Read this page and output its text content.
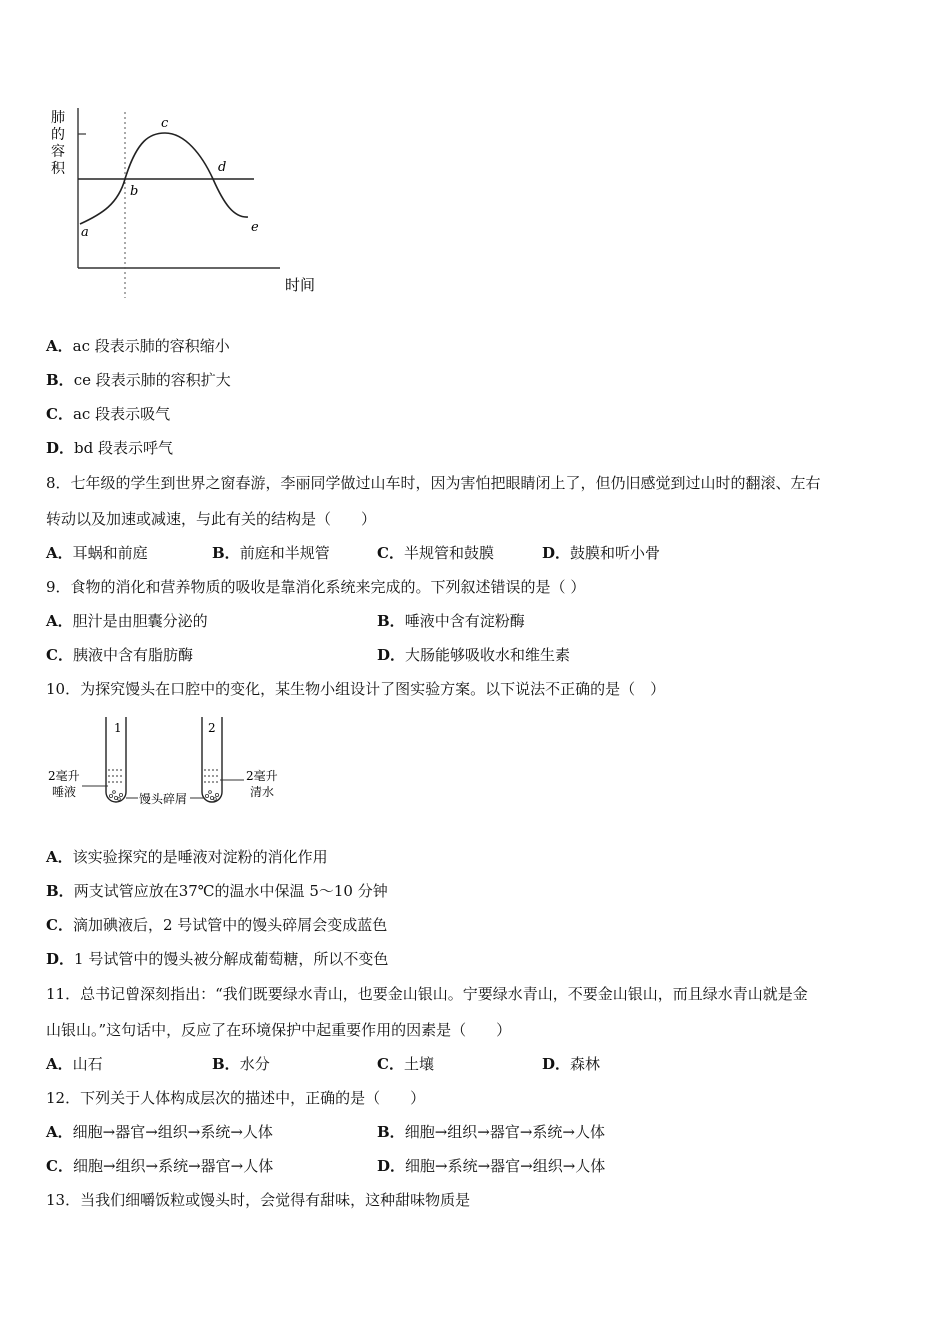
肺 的 容 积
a
b
c
d
e
时间
A．ac 段表示肺的容积缩小
B．ce 段表示肺的容积扩大
C．ac 段表示吸气
D．bd 段表示呼气
8．七年级的学生到世界之窗春游，李丽同学做过山车时，因为害怕把眼睛闭上了，但仍旧感觉到过山时的翻滚、左右
转动以及加速或减速，与此有关的结构是（　　）
A．耳蜗和前庭	B．前庭和半规管	C．半规管和鼓膜	D．鼓膜和听小骨
9．食物的消化和营养物质的吸收是靠消化系统来完成的。下列叙述错误的是（ ）
A．胆汁是由胆囊分泌的	B．唾液中含有淀粉酶
C．胰液中含有脂肪酶	D．大肠能够吸收水和维生素
10．为探究馒头在口腔中的变化，某生物小组设计了图实验方案。以下说法不正确的是（　）
1	2
2毫升
唾液	馒头碎屑
2毫升
清水
A．该实验探究的是唾液对淀粉的消化作用
B．两支试管应放在37℃的温水中保温 5～10 分钟
C．滴加碘液后，2 号试管中的馒头碎屑会变成蓝色
D．1 号试管中的馒头被分解成葡萄糖，所以不变色
11．总书记曾深刻指出：“我们既要绿水青山，也要金山银山。宁要绿水青山，不要金山银山，而且绿水青山就是金
山银山。”这句话中，反应了在环境保护中起重要作用的因素是（　　）
A．山石	B．水分	C．土壤	D．森林
12．下列关于人体构成层次的描述中，正确的是（　　）
A．细胞→器官→组织→系统→人体	B．细胞→组织→器官→系统→人体
C．细胞→组织→系统→器官→人体	D．细胞→系统→器官→组织→人体
13．当我们细嚼饭粒或馒头时，会觉得有甜味，这种甜味物质是
